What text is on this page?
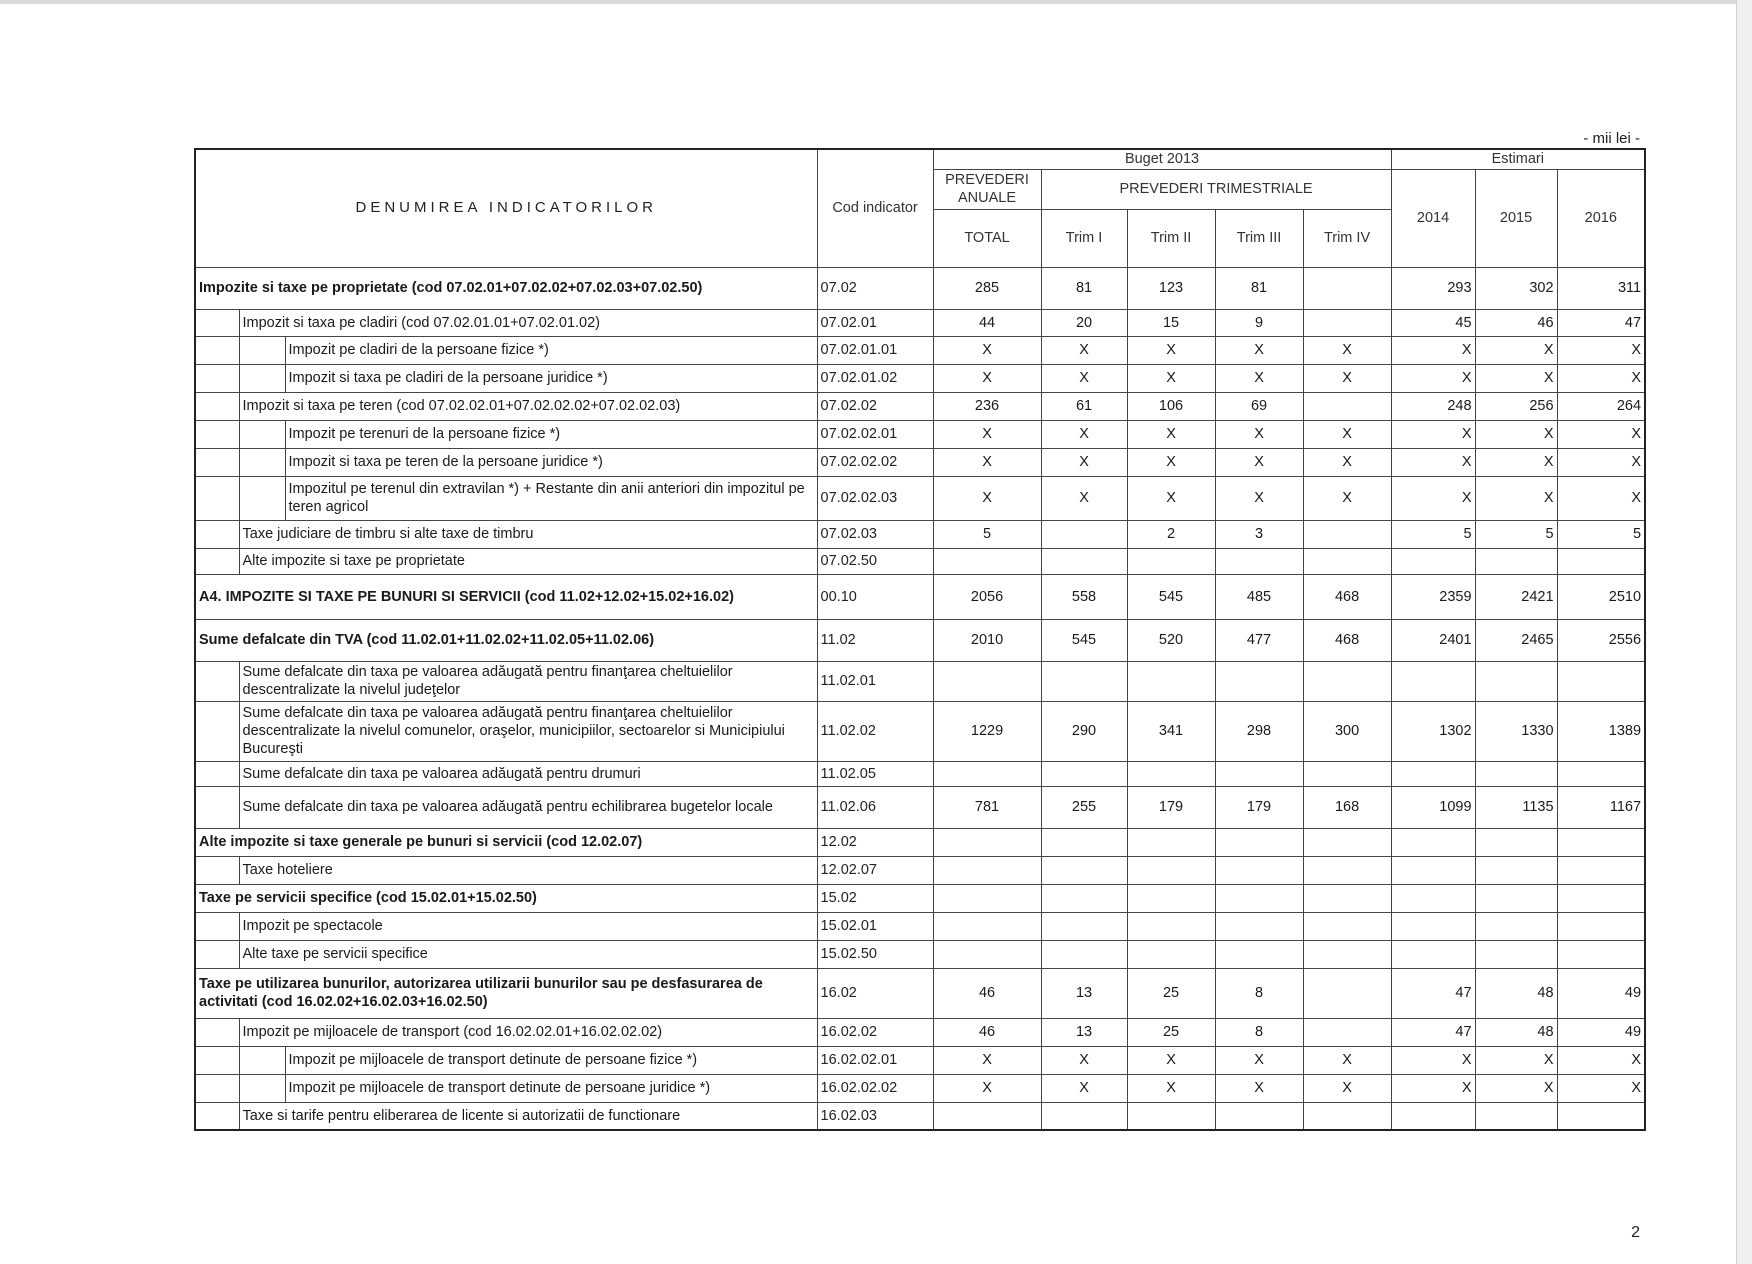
- mii lei -
DENUMIREA INDICATORILOR			Cod indicator	Buget 2013					Estimari		
				PREVEDERI ANUALE	PREVEDERI TRIMESTRIALE				2014	2015	2016
				TOTAL	Trim I	Trim II	Trim III	Trim IV			
Impozite si taxe pe proprietate (cod 07.02.01+07.02.02+07.02.03+07.02.50)			07.02	285	81	123	81		293	302	311
	Impozit si taxa pe cladiri (cod 07.02.01.01+07.02.01.02)		07.02.01	44	20	15	9		45	46	47
		Impozit pe cladiri de la persoane fizice *)	07.02.01.01	X	X	X	X	X	X	X	X
		Impozit si taxa pe cladiri de la persoane juridice *)	07.02.01.02	X	X	X	X	X	X	X	X
	Impozit si taxa pe teren (cod 07.02.02.01+07.02.02.02+07.02.02.03)		07.02.02	236	61	106	69		248	256	264
		Impozit pe terenuri de la persoane fizice *)	07.02.02.01	X	X	X	X	X	X	X	X
		Impozit si taxa pe teren de la persoane juridice *)	07.02.02.02	X	X	X	X	X	X	X	X
		Impozitul pe terenul din extravilan *) + Restante din anii anteriori din impozitul pe teren agricol	07.02.02.03	X	X	X	X	X	X	X	X
	Taxe judiciare de timbru si alte taxe de timbru		07.02.03	5		2	3		5	5	5
	Alte impozite si taxe pe proprietate		07.02.50								
A4. IMPOZITE SI TAXE PE BUNURI SI SERVICII (cod 11.02+12.02+15.02+16.02)			00.10	2056	558	545	485	468	2359	2421	2510
Sume defalcate din TVA (cod 11.02.01+11.02.02+11.02.05+11.02.06)			11.02	2010	545	520	477	468	2401	2465	2556
	Sume defalcate din taxa pe valoarea adăugată pentru finanţarea cheltuielilor descentralizate la nivelul judeţelor		11.02.01								
	Sume defalcate din taxa pe valoarea adăugată pentru finanţarea cheltuielilor descentralizate la nivelul comunelor, oraşelor, municipiilor, sectoarelor si Municipiului Bucureşti		11.02.02	1229	290	341	298	300	1302	1330	1389
	Sume defalcate din taxa pe valoarea adăugată pentru drumuri		11.02.05								
	Sume defalcate din taxa pe valoarea adăugată pentru echilibrarea bugetelor locale		11.02.06	781	255	179	179	168	1099	1135	1167
Alte impozite si taxe generale pe bunuri si servicii (cod 12.02.07)			12.02								
	Taxe hoteliere		12.02.07								
Taxe pe servicii specifice (cod 15.02.01+15.02.50)			15.02								
	Impozit pe spectacole		15.02.01								
	Alte taxe pe servicii specifice		15.02.50								
Taxe pe utilizarea bunurilor, autorizarea utilizarii bunurilor sau pe desfasurarea de activitati (cod 16.02.02+16.02.03+16.02.50)			16.02	46	13	25	8		47	48	49
	Impozit pe mijloacele de transport (cod 16.02.02.01+16.02.02.02)		16.02.02	46	13	25	8		47	48	49
		Impozit pe mijloacele de transport detinute de persoane fizice *)	16.02.02.01	X	X	X	X	X	X	X	X
		Impozit pe mijloacele de transport detinute de persoane juridice *)	16.02.02.02	X	X	X	X	X	X	X	X
	Taxe si tarife pentru eliberarea de licente si autorizatii de functionare		16.02.03								
2
